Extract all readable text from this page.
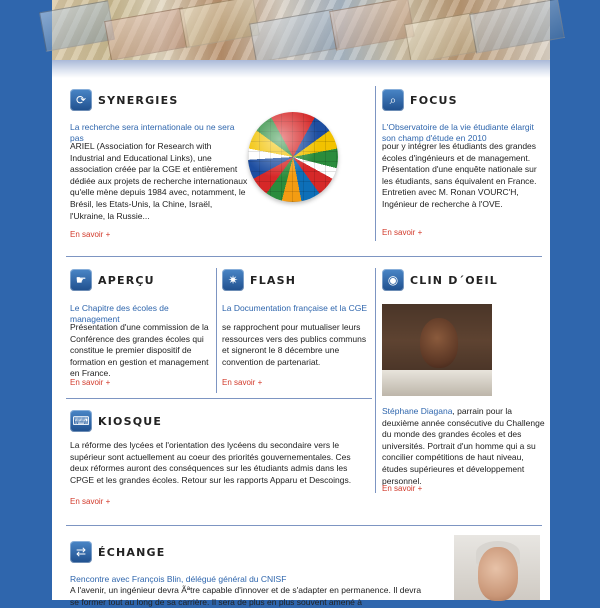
⟳	SYNERGIES
La recherche sera internationale ou ne sera pas
ARIEL (Association for Research with Industrial and Educational Links), une association créée par la CGE et entièrement dédiée aux projets de recherche internationaux qu'elle mène depuis 1984 avec, notamment, le Brésil, les Etats-Unis, la Chine, Israël, l'Ukraine, la Russie...
En savoir +
⌕	FOCUS
L'Observatoire de la vie étudiante élargit son champ d'étude en 2010
pour y intégrer les étudiants des grandes écoles d'ingénieurs et de management. Présentation d'une enquête nationale sur les étudiants, sans équivalent en France. Entretien avec M. Ronan VOURC'H, Ingénieur de recherche à l'OVE.
En savoir +
☛	APERÇU
Le Chapitre des écoles de management
Présentation d'une commission de la Conférence des grandes écoles qui constitue le premier dispositif de formation en gestion et management en France.
En savoir +
✷	FLASH
La Documentation française et la CGE
se rapprochent pour mutualiser leurs ressources vers des publics communs et signeront le 8 décembre une convention de partenariat.
En savoir +
◉	CLIN D´OEIL
Stéphane Diagana, parrain pour la deuxième année consécutive du Challenge du monde des grandes écoles et des universités. Portrait d'un homme qui a su concilier compétitions de haut niveau, études supérieures et développement personnel.
En savoir +
⌨ KIOSQUE
La réforme des lycées et l'orientation des lycéens du secondaire vers le supérieur sont actuellement au coeur des priorités gouvernementales. Ces deux réformes auront des conséquences sur les étudiants admis dans les CPGE et les grandes écoles. Retour sur les rapports Apparu et Descoings.
En savoir +
⇄	ÉCHANGE
Rencontre avec François Blin, délégué général du CNISF
A l'avenir, un ingénieur devra Ãªtre capable d'innover et de s'adapter en permanence. Il devra se former tout au long de sa carrière. Il sera de plus en plus souvent amené à
